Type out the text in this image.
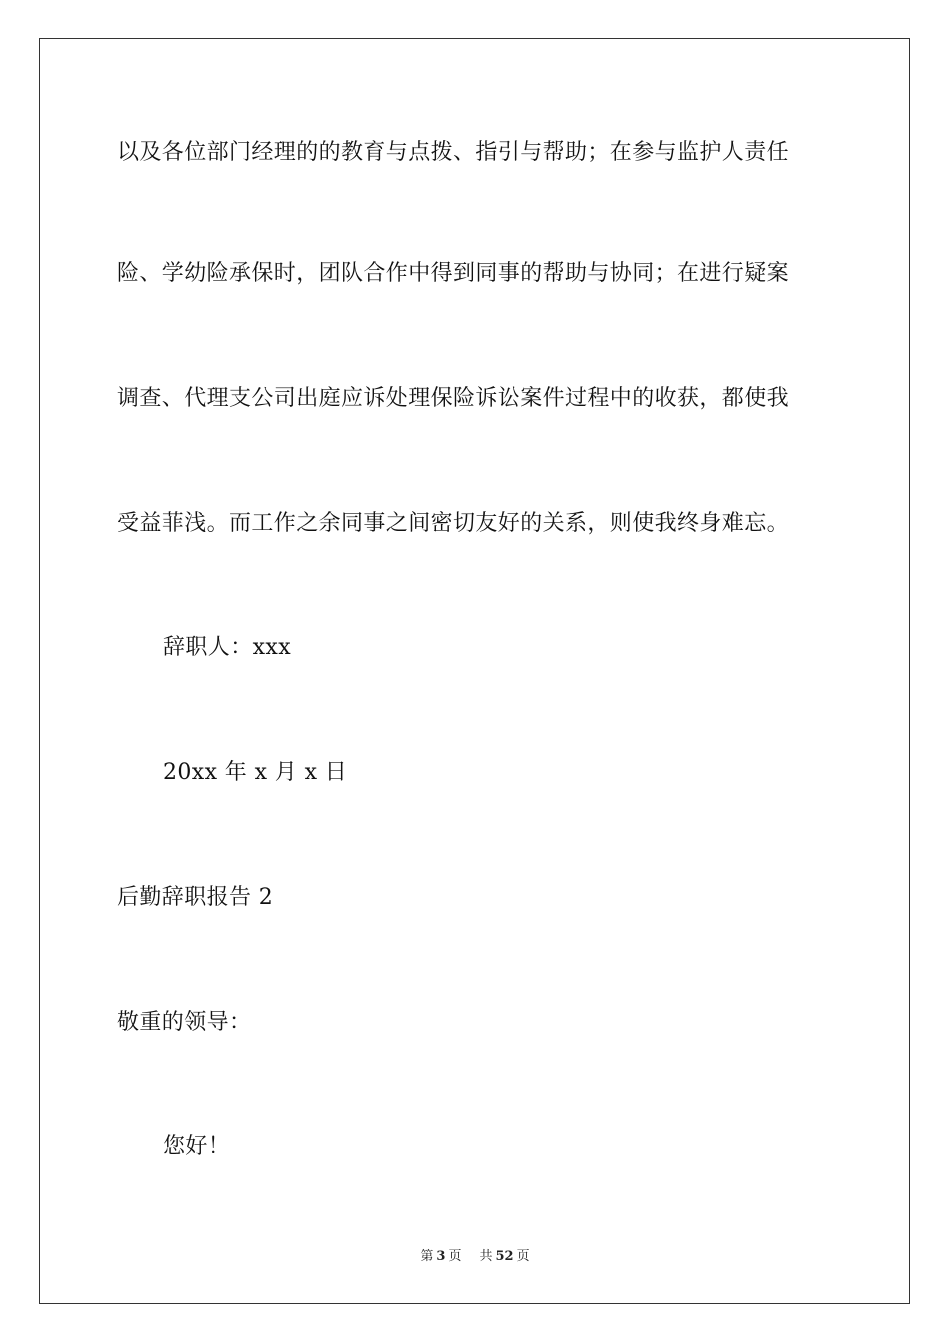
以及各位部门经理的的教育与点拨、指引与帮助；在参与监护人责任
险、学幼险承保时，团队合作中得到同事的帮助与协同；在进行疑案
调查、代理支公司出庭应诉处理保险诉讼案件过程中的收获，都使我
受益菲浅。而工作之余同事之间密切友好的关系，则使我终身难忘。
辞职人：xxx
20xx 年 x 月 x 日
后勤辞职报告 2
敬重的领导：
您好！
第 3 页 共 52 页
